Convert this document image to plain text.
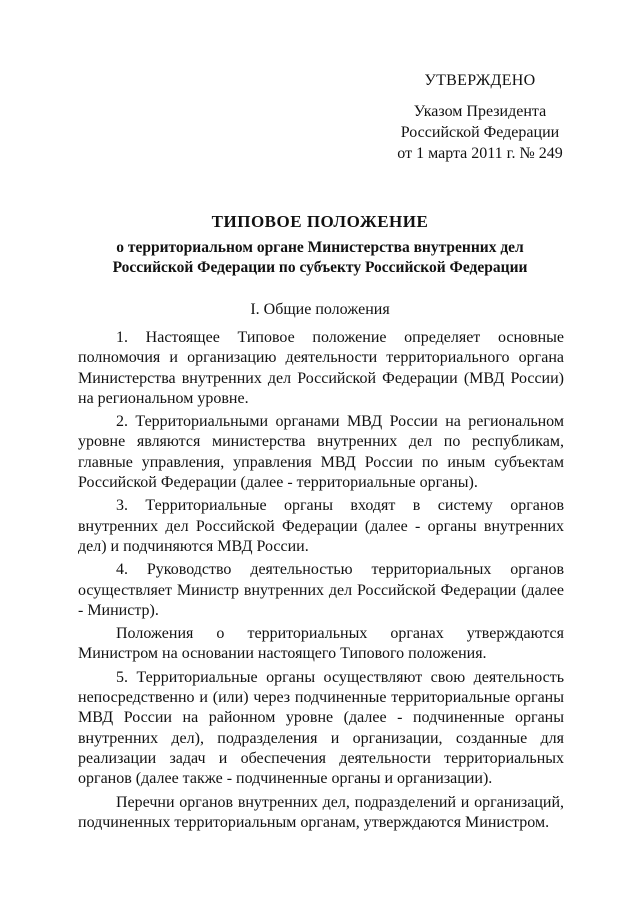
УТВЕРЖДЕНО
Указом Президента
Российской Федерации
от 1 марта 2011 г. № 249
ТИПОВОЕ ПОЛОЖЕНИЕ
о территориальном органе Министерства внутренних дел
Российской Федерации по субъекту Российской Федерации
I. Общие положения

1. Настоящее Типовое положение определяет основные полномочия и организацию деятельности территориального органа Министерства внутренних дел Российской Федерации (МВД России) на региональном уровне.

2. Территориальными органами МВД России на региональном уровне являются министерства внутренних дел по республикам, главные управления, управления МВД России по иным субъектам Российской Федерации (далее - территориальные органы).

3. Территориальные органы входят в систему органов внутренних дел Российской Федерации (далее - органы внутренних дел) и подчиняются МВД России.

4. Руководство деятельностью территориальных органов осуществляет Министр внутренних дел Российской Федерации (далее - Министр).

Положения о территориальных органах утверждаются Министром на основании настоящего Типового положения.

5. Территориальные органы осуществляют свою деятельность непосредственно и (или) через подчиненные территориальные органы МВД России на районном уровне (далее - подчиненные органы внутренних дел), подразделения и организации, созданные для реализации задач и обеспечения деятельности территориальных органов (далее также - подчиненные органы и организации).

Перечни органов внутренних дел, подразделений и организаций, подчиненных территориальным органам, утверждаются Министром.
